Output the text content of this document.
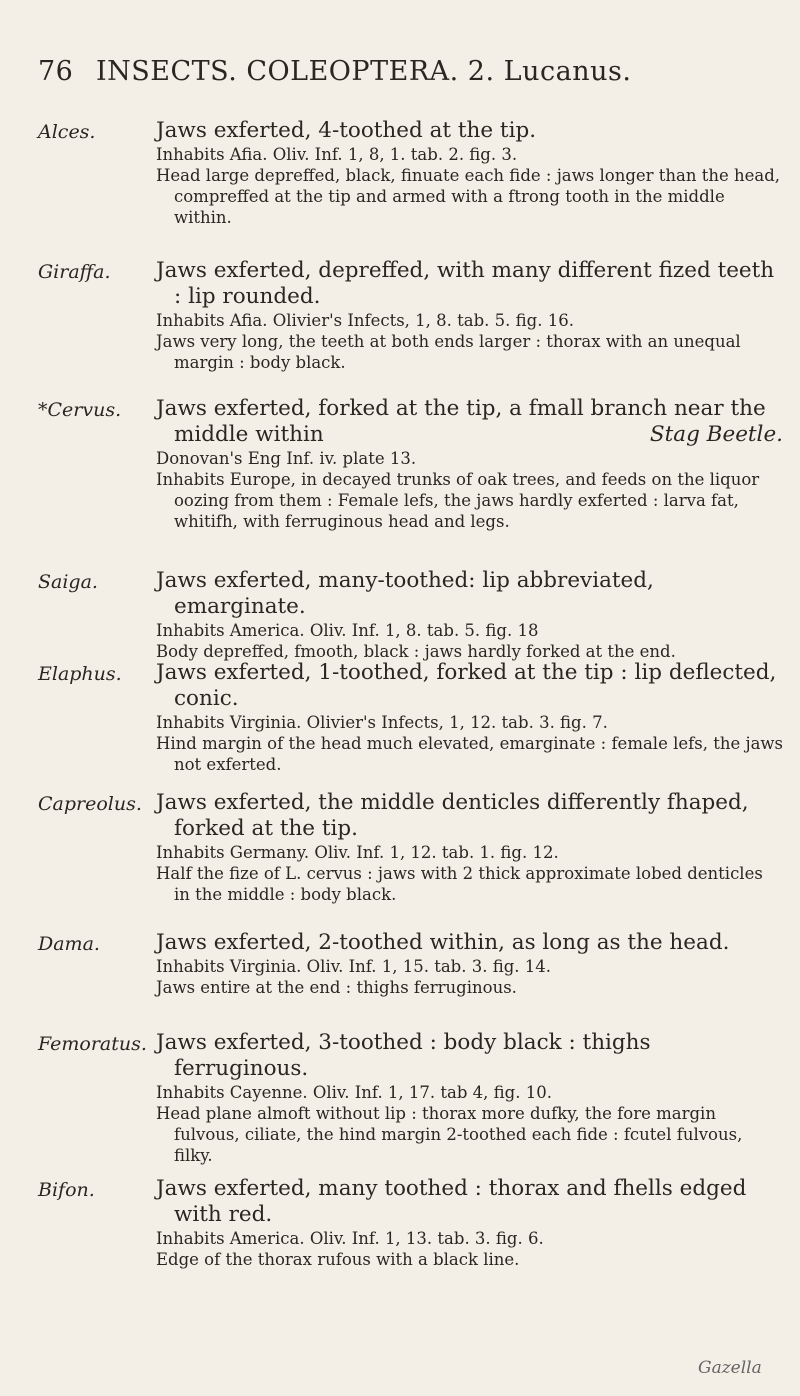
76 INSECTS. COLEOPTERA. 2. Lucanus.
Alces.	Jaws exferted, 4-toothed at the tip.
Inhabits Afia. Oliv. Inf. 1, 8, 1. tab. 2. fig. 3.
Head large depreffed, black, finuate each fide : jaws longer than the head, compreffed at the tip and armed with a ftrong tooth in the middle within.
Giraffa.	Jaws exferted, depreffed, with many different fized teeth : lip rounded.
Inhabits Afia. Olivier's Infects, 1, 8. tab. 5. fig. 16.
Jaws very long, the teeth at both ends larger : thorax with an unequal margin : body black.
*Cervus.	Jaws exferted, forked at the tip, a fmall branch near the middle within	Stag Beetle.
Donovan's Eng Inf. iv. plate 13.
Inhabits Europe, in decayed trunks of oak trees, and feeds on the liquor oozing from them : Female lefs, the jaws hardly exferted : larva fat, whitifh, with ferruginous head and legs.
Saiga.	Jaws exferted, many-toothed: lip abbreviated, emarginate.
Inhabits America. Oliv. Inf. 1, 8. tab. 5. fig. 18
Body depreffed, fmooth, black : jaws hardly forked at the end.
Elaphus.	Jaws exferted, 1-toothed, forked at the tip : lip deflected, conic.
Inhabits Virginia. Olivier's Infects, 1, 12. tab. 3. fig. 7.
Hind margin of the head much elevated, emarginate : female lefs, the jaws not exferted.
Capreolus. Jaws exferted, the middle denticles differently fhaped, forked at the tip.
Inhabits Germany. Oliv. Inf. 1, 12. tab. 1. fig. 12.
Half the fize of L. cervus : jaws with 2 thick approximate lobed denticles in the middle : body black.
Dama.	Jaws exferted, 2-toothed within, as long as the head.
Inhabits Virginia. Oliv. Inf. 1, 15. tab. 3. fig. 14.
Jaws entire at the end : thighs ferruginous.
Femoratus. Jaws exferted, 3-toothed : body black : thighs ferruginous.
Inhabits Cayenne. Oliv. Inf. 1, 17. tab 4, fig. 10.
Head plane almoft without lip : thorax more dufky, the fore margin fulvous, ciliate, the hind margin 2-toothed each fide : fcutel fulvous, filky.
Bifon.	Jaws exferted, many toothed : thorax and fhells edged with red.
Inhabits America. Oliv. Inf. 1, 13. tab. 3. fig. 6.
Edge of the thorax rufous with a black line.
Gazella
